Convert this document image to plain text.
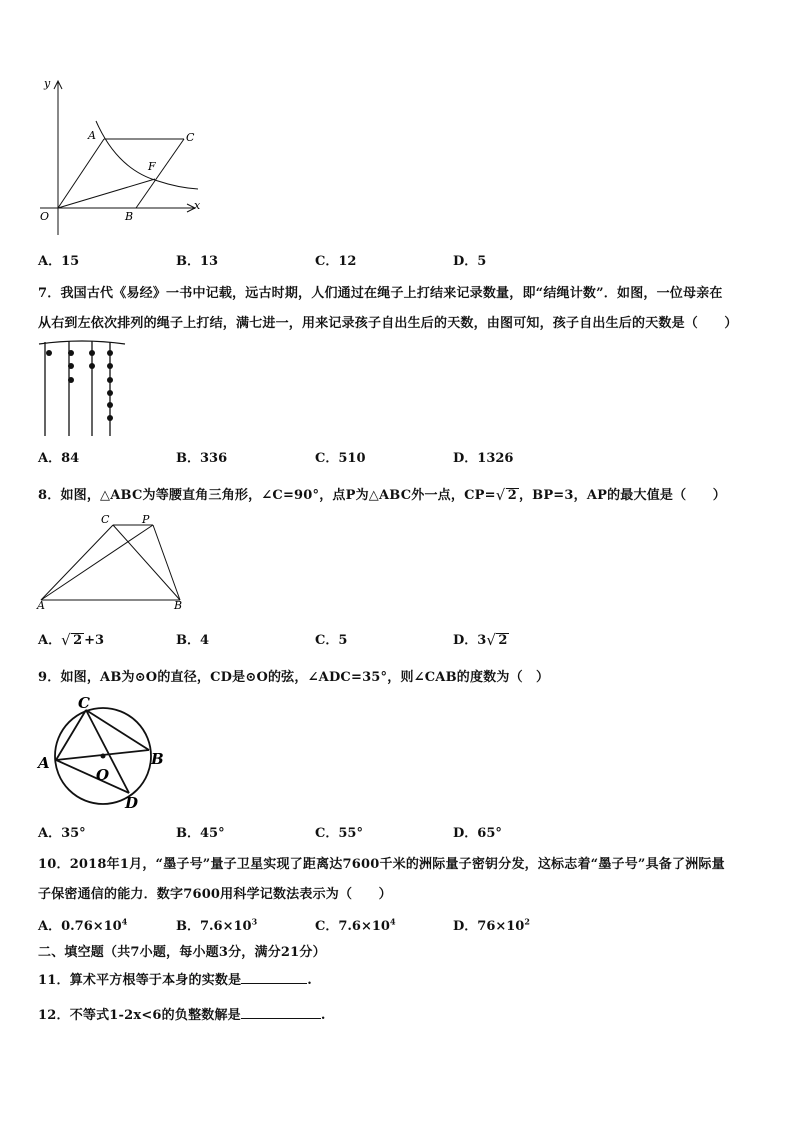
y
x
O
A
B
C
F
A．15	B．13	C．12	D．5
7．我国古代《易经》一书中记载，远古时期，人们通过在绳子上打结来记录数量，即“结绳计数”．如图，一位母亲在
从右到左依次排列的绳子上打结，满七进一，用来记录孩子自出生后的天数，由图可知，孩子自出生后的天数是（　　）
A．84	B．336	C．510	D．1326
8．如图，△ABC为等腰直角三角形，∠C=90°，点P为△ABC外一点，CP= √ 2 ，BP=3，AP的最大值是（　　）
C	P
A	B
A． √ 2 +3	B．4	C．5	D．3 √ 2
9．如图，AB为⊙O的直径，CD是⊙O的弦，∠ADC=35°，则∠CAB的度数为（　）
C
A
O
B
D
A．35°	B．45°	C．55°	D．65°
10．2018年1月，“墨子号”量子卫星实现了距离达7600千米的洲际量子密钥分发，这标志着“墨子号”具备了洲际量
子保密通信的能力．数字7600用科学记数法表示为（　　）
A．$0.76\times 10^4$	B．$7.6\times 10^3$	C．$7.6\times 10^4$	D．$76\times 10^2$
二、填空题（共7小题，每小题3分，满分21分）
11．算术平方根等于本身的实数是	.
12．不等式1-2x<6的负整数解是	.
